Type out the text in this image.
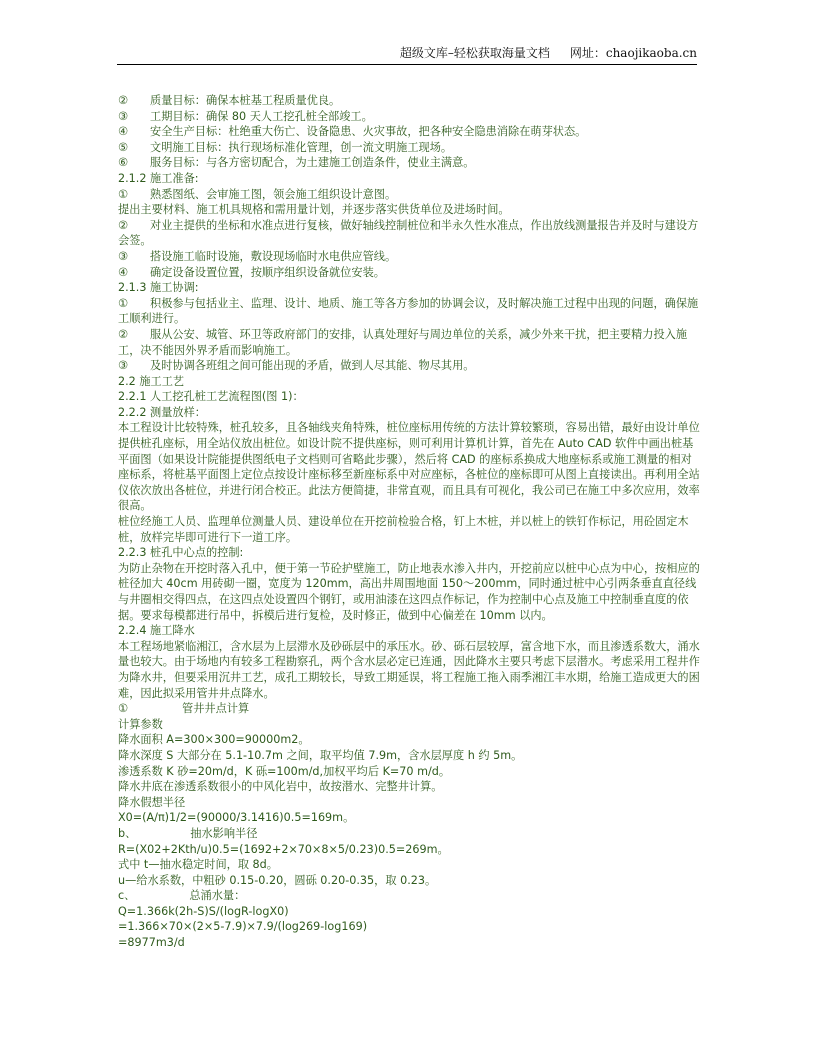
超级文库–轻松获取海量文档 网址：chaojikaoba.cn

② 质量目标：确保本桩基工程质量优良。

③ 工期目标：确保 80 天人工挖孔桩全部竣工。

④ 安全生产目标：杜绝重大伤亡、设备隐患、火灾事故，把各种安全隐患消除在萌芽状态。

⑤ 文明施工目标：执行现场标准化管理，创一流文明施工现场。

⑥ 服务目标：与各方密切配合，为土建施工创造条件，使业主满意。

2.1.2 施工准备:

① 熟悉图纸、会审施工图，领会施工组织设计意图。

提出主要材料、施工机具规格和需用量计划，并逐步落实供货单位及进场时间。

② 对业主提供的坐标和水准点进行复核，做好轴线控制桩位和半永久性水准点，作出放线测量报告并及时与建设方会签。

③ 搭设施工临时设施，敷设现场临时水电供应管线。

④ 确定设备设置位置，按顺序组织设备就位安装。

2.1.3 施工协调:

① 积极参与包括业主、监理、设计、地质、施工等各方参加的协调会议，及时解决施工过程中出现的问题，确保施工顺利进行。

② 服从公安、城管、环卫等政府部门的安排，认真处理好与周边单位的关系，减少外来干扰，把主要精力投入施工，决不能因外界矛盾而影响施工。

③ 及时协调各班组之间可能出现的矛盾，做到人尽其能、物尽其用。

2.2 施工工艺

2.2.1 人工挖孔桩工艺流程图(图 1)：

2.2.2 测量放样：

本工程设计比较特殊，桩孔较多，且各轴线夹角特殊，桩位座标用传统的方法计算较繁琐，容易出错，最好由设计单位提供桩孔座标，用全站仪放出桩位。如设计院不提供座标，则可利用计算机计算，首先在 Auto CAD 软件中画出桩基平面图（如果设计院能提供图纸电子文档则可省略此步骤），然后将 CAD 的座标系换成大地座标系或施工测量的相对座标系，将桩基平面图上定位点按设计座标移至新座标系中对应座标，各桩位的座标即可从图上直接读出。再利用全站仪依次放出各桩位，并进行闭合校正。此法方便简捷，非常直观，而且具有可视化，我公司已在施工中多次应用，效率很高。

桩位经施工人员、监理单位测量人员、建设单位在开挖前检验合格，钉上木桩，并以桩上的铁钉作标记，用砼固定木桩，放样完毕即可进行下一道工序。

2.2.3 桩孔中心点的控制:

为防止杂物在开挖时落入孔中，便于第一节砼护壁施工，防止地表水渗入井内，开挖前应以桩中心点为中心，按相应的桩径加大 40cm 用砖砌一圈，宽度为 120mm，高出井周围地面 150～200mm，同时通过桩中心引两条垂直直径线与井圈相交得四点，在这四点处设置四个钢钉，或用油漆在这四点作标记，作为控制中心点及施工中控制垂直度的依据。要求每模都进行吊中，拆模后进行复检，及时修正，做到中心偏差在 10mm 以内。

2.2.4 施工降水

本工程场地紧临湘江，含水层为上层滞水及砂砾层中的承压水。砂、砾石层较厚，富含地下水，而且渗透系数大，涌水量也较大。由于场地内有较多工程勘察孔，两个含水层必定已连通，因此降水主要只考虑下层潜水。考虑采用工程井作为降水井，但要采用沉井工艺，成孔工期较长，导致工期延误，将工程施工拖入雨季湘江丰水期，给施工造成更大的困难，因此拟采用管井井点降水。

①	管井井点计算

计算参数

降水面积 A=300×300=90000m2。

降水深度 S 大部分在 5.1-10.7m 之间，取平均值 7.9m，含水层厚度 h 约 5m。

渗透系数 K 砂=20m/d，K 砾=100m/d,加权平均后 K=70 m/d。

降水井底在渗透系数很小的中风化岩中，故按潜水、完整井计算。

降水假想半径

X0=(A/π)1/2=(90000/3.1416)0.5=169m。

b、	抽水影响半径

R=(X02+2Kth/u)0.5=(1692+2×70×8×5/0.23)0.5=269m。

式中 t—抽水稳定时间，取 8d。

u—给水系数，中粗砂 0.15-0.20，圆砾 0.20-0.35，取 0.23。

c、	总涌水量：

Q=1.366k(2h-S)S/(logR-logX0)

=1.366×70×(2×5-7.9)×7.9/(log269-log169)

=8977m3/d
